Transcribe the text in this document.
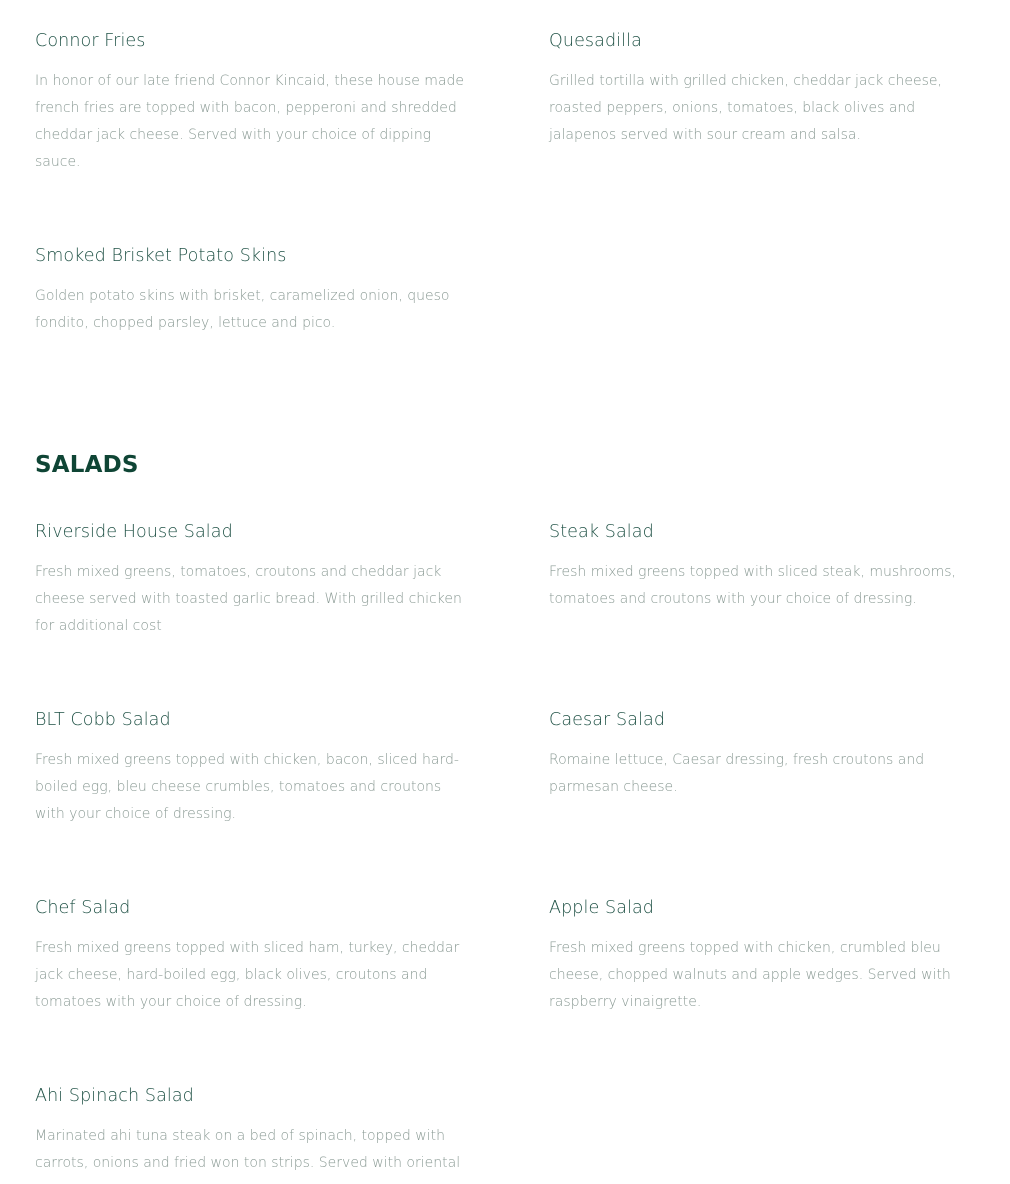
Connor Fries

In honor of our late friend Connor Kincaid, these house made french fries are topped with bacon, pepperoni and shredded cheddar jack cheese. Served with your choice of dipping sauce.

Quesadilla

Grilled tortilla with grilled chicken, cheddar jack cheese, roasted peppers, onions, tomatoes, black olives and jalapenos served with sour cream and salsa.

Smoked Brisket Potato Skins

Golden potato skins with brisket, caramelized onion, queso fondito, chopped parsley, lettuce and pico.

SALADS
Riverside House Salad

Fresh mixed greens, tomatoes, croutons and cheddar jack cheese served with toasted garlic bread. With grilled chicken for additional cost

Steak Salad

Fresh mixed greens topped with sliced steak, mushrooms, tomatoes and croutons with your choice of dressing.

BLT Cobb Salad

Fresh mixed greens topped with chicken, bacon, sliced hard-boiled egg, bleu cheese crumbles, tomatoes and croutons with your choice of dressing.

Caesar Salad

Romaine lettuce, Caesar dressing, fresh croutons and parmesan cheese.

Chef Salad

Fresh mixed greens topped with sliced ham, turkey, cheddar jack cheese, hard-boiled egg, black olives, croutons and tomatoes with your choice of dressing.

Apple Salad

Fresh mixed greens topped with chicken, crumbled bleu cheese, chopped walnuts and apple wedges. Served with raspberry vinaigrette.

Ahi Spinach Salad

Marinated ahi tuna steak on a bed of spinach, topped with carrots, onions and fried won ton strips. Served with oriental
